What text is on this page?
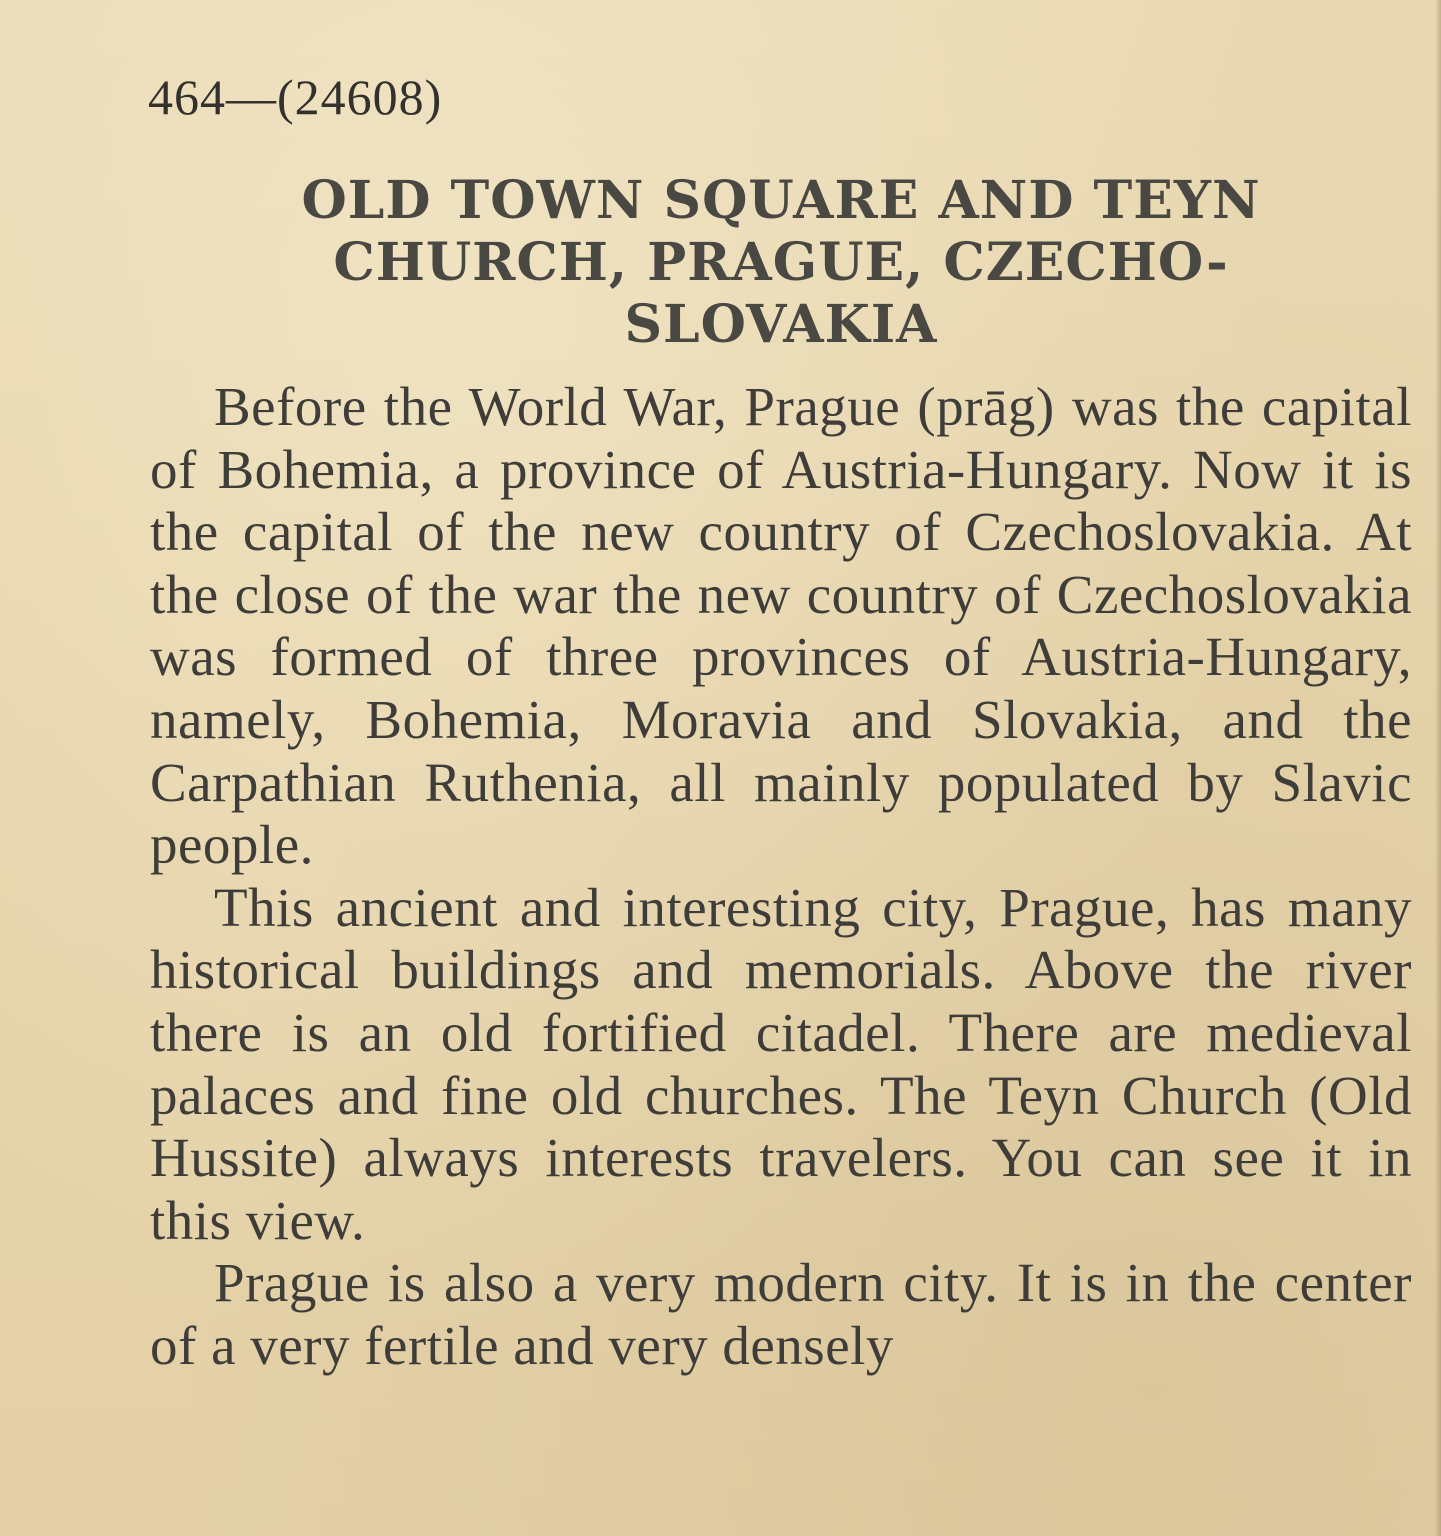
464—(24608)
OLD TOWN SQUARE AND TEYN
CHURCH, PRAGUE, CZECHO-
SLOVAKIA

Before the World War, Prague (prāg) was the capital of Bohemia, a province of Austria-Hungary. Now it is the capital of the new country of Czechoslovakia. At the close of the war the new country of Czechoslovakia was formed of three provinces of Austria-Hungary, namely, Bohemia, Moravia and Slovakia, and the Carpathian Ruthenia, all mainly populated by Slavic people.

This ancient and interesting city, Prague, has many historical buildings and memorials. Above the river there is an old fortified citadel. There are medieval palaces and fine old churches. The Teyn Church (Old Hussite) always interests travelers. You can see it in this view.

Prague is also a very modern city. It is in the center of a very fertile and very densely
